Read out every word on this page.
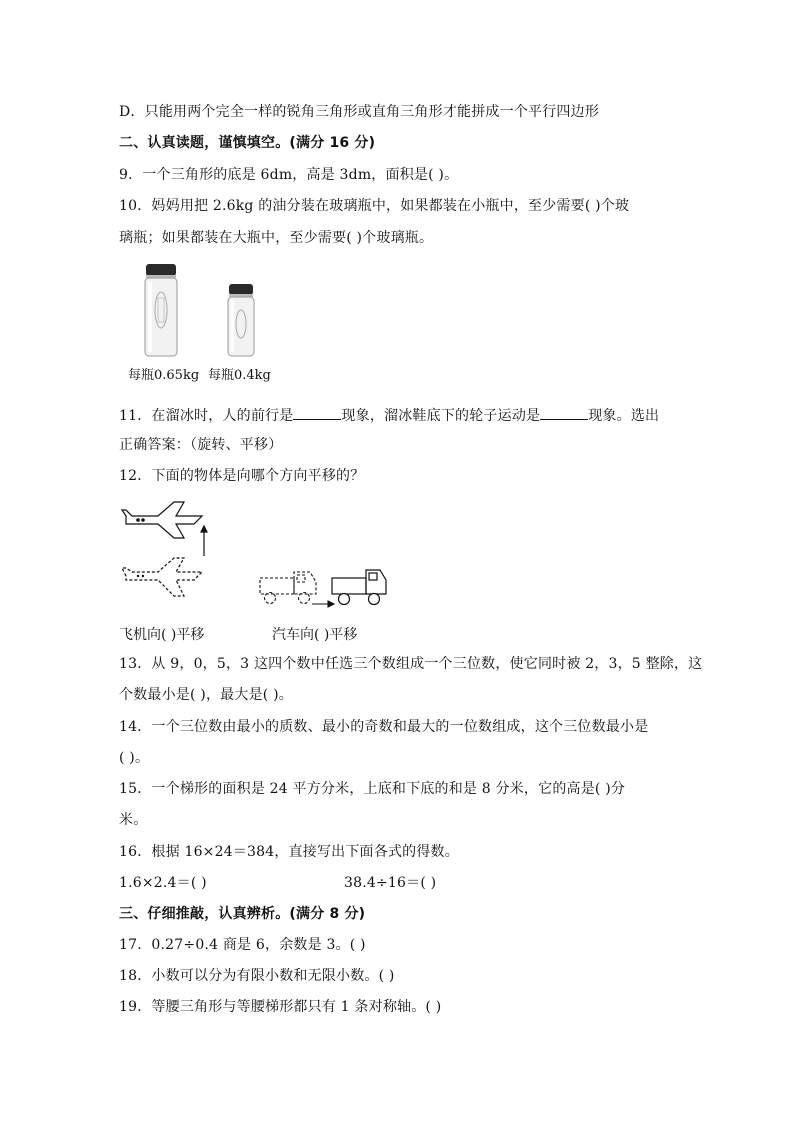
D．只能用两个完全一样的锐角三角形或直角三角形才能拼成一个平行四边形
二、认真读题，谨慎填空。(满分 16 分)
9．一个三角形的底是 6dm，高是 3dm，面积是( )。
10．妈妈用把 2.6kg 的油分装在玻璃瓶中，如果都装在小瓶中，至少需要( )个玻
璃瓶；如果都装在大瓶中，至少需要( )个玻璃瓶。
每瓶0.65kg 每瓶0.4kg
11．在溜冰时，人的前行是	现象，溜冰鞋底下的轮子运动是	现象。选出
正确答案：（旋转、平移）
12．下面的物体是向哪个方向平移的？
飞机向( )平移	汽车向( )平移
13．从 9，0，5，3 这四个数中任选三个数组成一个三位数，使它同时被 2，3，5 整除，这
个数最小是( )，最大是( )。
14．一个三位数由最小的质数、最小的奇数和最大的一位数组成，这个三位数最小是
( )。
15．一个梯形的面积是 24 平方分米，上底和下底的和是 8 分米，它的高是( )分
米。
16．根据 16×24＝384，直接写出下面各式的得数。
1.6×2.4＝( )	38.4÷16＝( )
三、仔细推敲，认真辨析。(满分 8 分)
17．0.27÷0.4 商是 6，余数是 3。( )
18．小数可以分为有限小数和无限小数。( )
19．等腰三角形与等腰梯形都只有 1 条对称轴。( )
